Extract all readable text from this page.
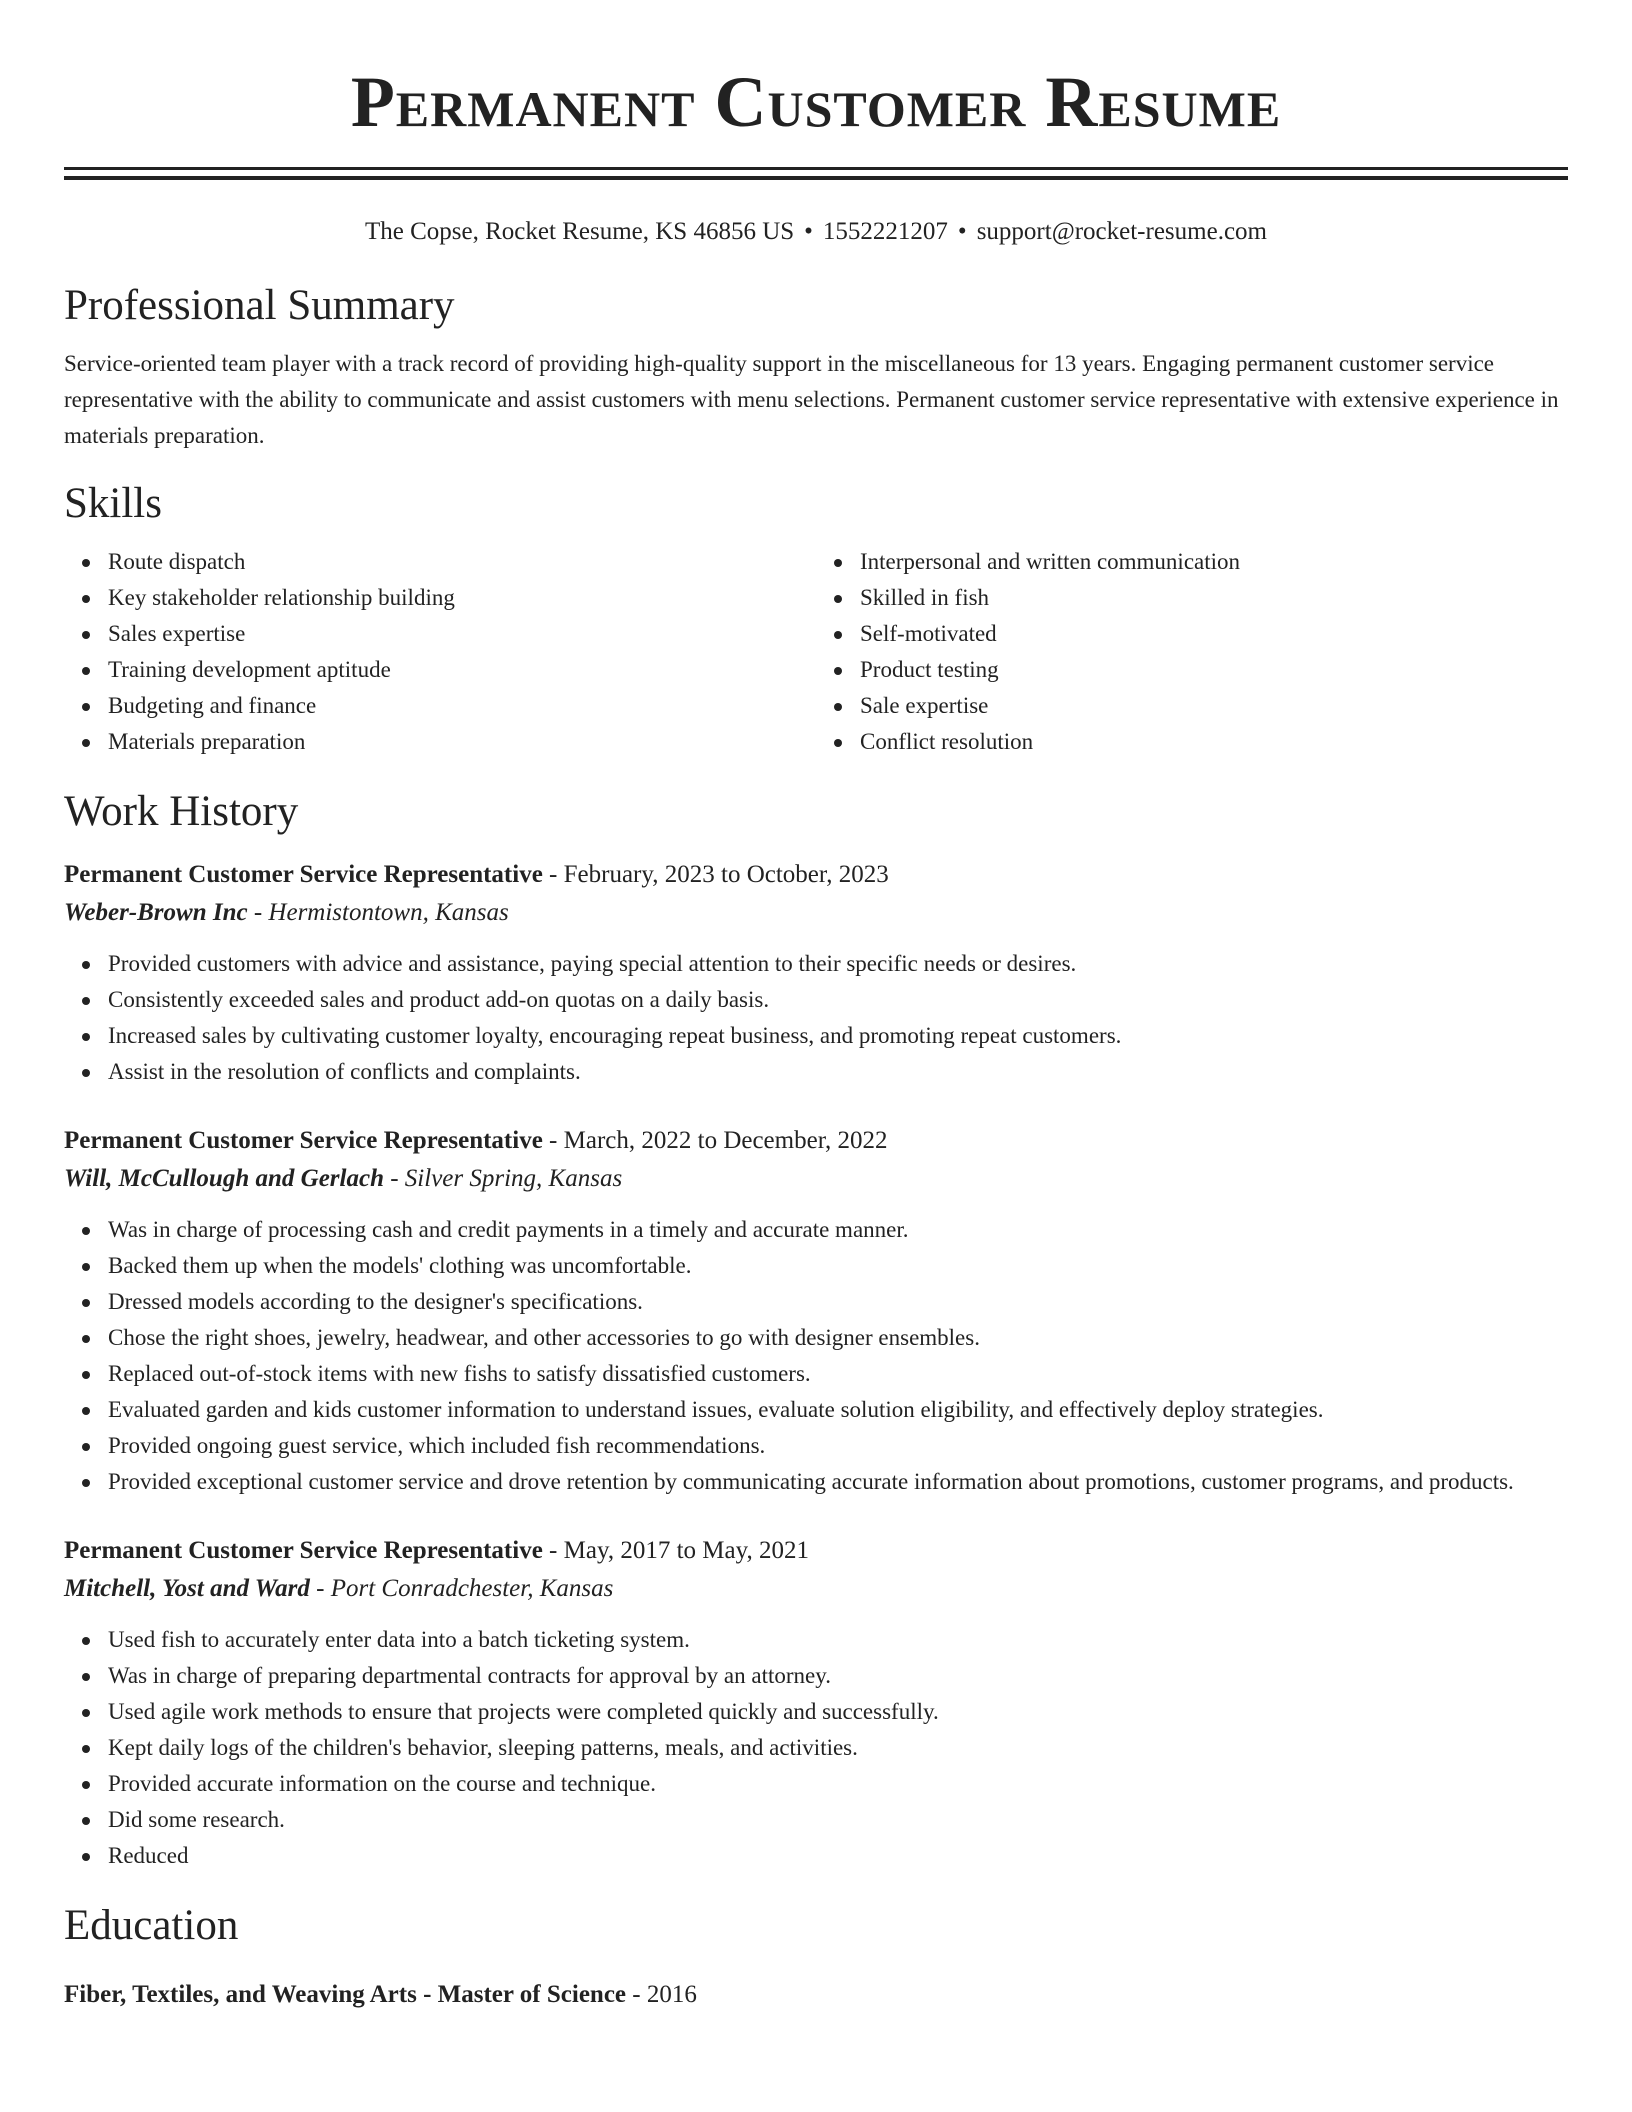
Permanent Customer Resume
The Copse, Rocket Resume, KS 46856 US • 1552221207 • support@rocket-resume.com
Professional Summary

Service-oriented team player with a track record of providing high-quality support in the miscellaneous for 13 years. Engaging permanent customer service representative with the ability to communicate and assist customers with menu selections. Permanent customer service representative with extensive experience in materials preparation.

Skills
Route dispatch
Key stakeholder relationship building
Sales expertise
Training development aptitude
Budgeting and finance
Materials preparation
Interpersonal and written communication
Skilled in fish
Self-motivated
Product testing
Sale expertise
Conflict resolution
Work History
Permanent Customer Service Representative - February, 2023 to October, 2023
Weber-Brown Inc - Hermistontown, Kansas
Provided customers with advice and assistance, paying special attention to their specific needs or desires.
Consistently exceeded sales and product add-on quotas on a daily basis.
Increased sales by cultivating customer loyalty, encouraging repeat business, and promoting repeat customers.
Assist in the resolution of conflicts and complaints.
Permanent Customer Service Representative - March, 2022 to December, 2022
Will, McCullough and Gerlach - Silver Spring, Kansas
Was in charge of processing cash and credit payments in a timely and accurate manner.
Backed them up when the models' clothing was uncomfortable.
Dressed models according to the designer's specifications.
Chose the right shoes, jewelry, headwear, and other accessories to go with designer ensembles.
Replaced out-of-stock items with new fishs to satisfy dissatisfied customers.
Evaluated garden and kids customer information to understand issues, evaluate solution eligibility, and effectively deploy strategies.
Provided ongoing guest service, which included fish recommendations.
Provided exceptional customer service and drove retention by communicating accurate information about promotions, customer programs, and products.
Permanent Customer Service Representative - May, 2017 to May, 2021
Mitchell, Yost and Ward - Port Conradchester, Kansas
Used fish to accurately enter data into a batch ticketing system.
Was in charge of preparing departmental contracts for approval by an attorney.
Used agile work methods to ensure that projects were completed quickly and successfully.
Kept daily logs of the children's behavior, sleeping patterns, meals, and activities.
Provided accurate information on the course and technique.
Did some research.
Reduced
Education
Fiber, Textiles, and Weaving Arts - Master of Science - 2016
